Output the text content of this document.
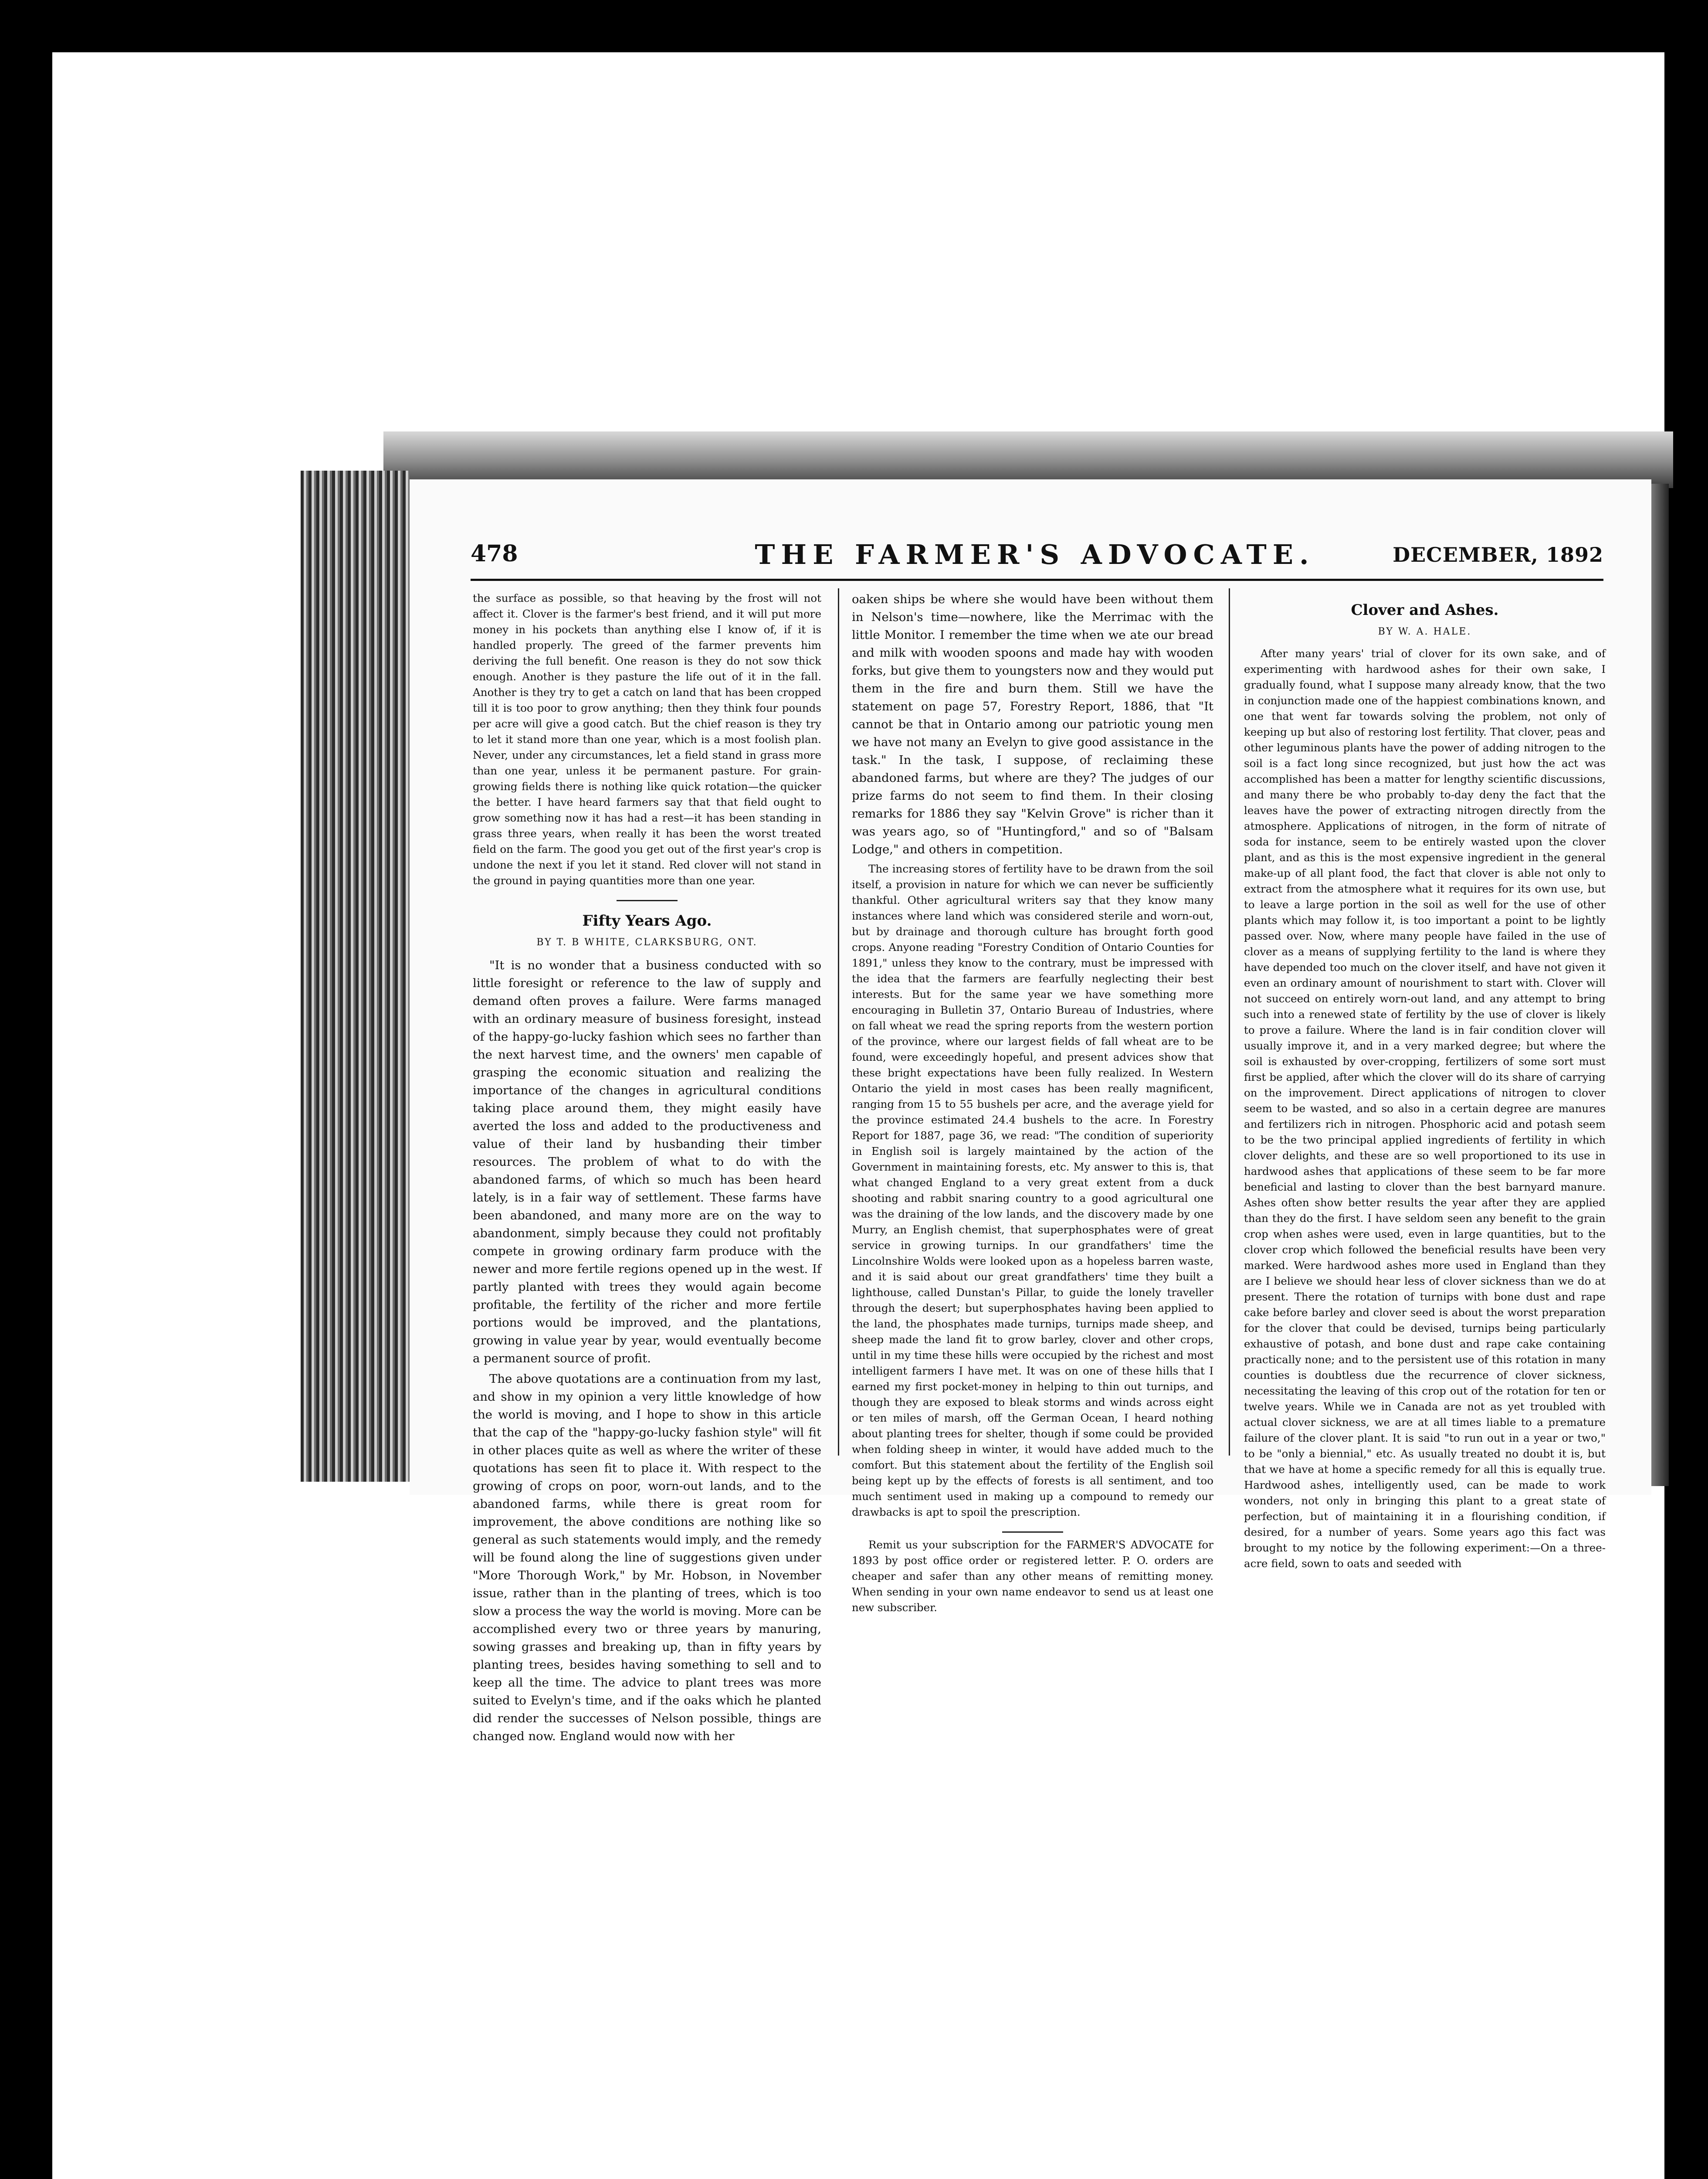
478	THE FARMER'S ADVOCATE.	DECEMBER, 1892

the surface as possible, so that heaving by the frost will not affect it. Clover is the farmer's best friend, and it will put more money in his pockets than anything else I know of, if it is handled properly. The greed of the farmer prevents him deriving the full benefit. One reason is they do not sow thick enough. Another is they pasture the life out of it in the fall. Another is they try to get a catch on land that has been cropped till it is too poor to grow anything; then they think four pounds per acre will give a good catch. But the chief reason is they try to let it stand more than one year, which is a most foolish plan. Never, under any circumstances, let a field stand in grass more than one year, unless it be permanent pasture. For grain-growing fields there is nothing like quick rotation—the quicker the better. I have heard farmers say that that field ought to grow something now it has had a rest—it has been standing in grass three years, when really it has been the worst treated field on the farm. The good you get out of the first year's crop is undone the next if you let it stand. Red clover will not stand in the ground in paying quantities more than one year.

Fifty Years Ago.
BY T. B WHITE, CLARKSBURG, ONT.

"It is no wonder that a business conducted with so little foresight or reference to the law of supply and demand often proves a failure. Were farms managed with an ordinary measure of business foresight, instead of the happy-go-lucky fashion which sees no farther than the next harvest time, and the owners' men capable of grasping the economic situation and realizing the importance of the changes in agricultural conditions taking place around them, they might easily have averted the loss and added to the productiveness and value of their land by husbanding their timber resources. The problem of what to do with the abandoned farms, of which so much has been heard lately, is in a fair way of settlement. These farms have been abandoned, and many more are on the way to abandonment, simply because they could not profitably compete in growing ordinary farm produce with the newer and more fertile regions opened up in the west. If partly planted with trees they would again become profitable, the fertility of the richer and more fertile portions would be improved, and the plantations, growing in value year by year, would eventually become a permanent source of profit.

The above quotations are a continuation from my last, and show in my opinion a very little knowledge of how the world is moving, and I hope to show in this article that the cap of the "happy-go-lucky fashion style" will fit in other places quite as well as where the writer of these quotations has seen fit to place it. With respect to the growing of crops on poor, worn-out lands, and to the abandoned farms, while there is great room for improvement, the above conditions are nothing like so general as such statements would imply, and the remedy will be found along the line of suggestions given under "More Thorough Work," by Mr. Hobson, in November issue, rather than in the planting of trees, which is too slow a process the way the world is moving. More can be accomplished every two or three years by manuring, sowing grasses and breaking up, than in fifty years by planting trees, besides having something to sell and to keep all the time. The advice to plant trees was more suited to Evelyn's time, and if the oaks which he planted did render the successes of Nelson possible, things are changed now. England would now with her

oaken ships be where she would have been without them in Nelson's time—nowhere, like the Merrimac with the little Monitor. I remember the time when we ate our bread and milk with wooden spoons and made hay with wooden forks, but give them to youngsters now and they would put them in the fire and burn them. Still we have the statement on page 57, Forestry Report, 1886, that "It cannot be that in Ontario among our patriotic young men we have not many an Evelyn to give good assistance in the task." In the task, I suppose, of reclaiming these abandoned farms, but where are they? The judges of our prize farms do not seem to find them. In their closing remarks for 1886 they say "Kelvin Grove" is richer than it was years ago, so of "Huntingford," and so of "Balsam Lodge," and others in competition.

The increasing stores of fertility have to be drawn from the soil itself, a provision in nature for which we can never be sufficiently thankful. Other agricultural writers say that they know many instances where land which was considered sterile and worn-out, but by drainage and thorough culture has brought forth good crops. Anyone reading "Forestry Condition of Ontario Counties for 1891," unless they know to the contrary, must be impressed with the idea that the farmers are fearfully neglecting their best interests. But for the same year we have something more encouraging in Bulletin 37, Ontario Bureau of Industries, where on fall wheat we read the spring reports from the western portion of the province, where our largest fields of fall wheat are to be found, were exceedingly hopeful, and present advices show that these bright expectations have been fully realized. In Western Ontario the yield in most cases has been really magnificent, ranging from 15 to 55 bushels per acre, and the average yield for the province estimated 24.4 bushels to the acre. In Forestry Report for 1887, page 36, we read: "The condition of superiority in English soil is largely maintained by the action of the Government in maintaining forests, etc. My answer to this is, that what changed England to a very great extent from a duck shooting and rabbit snaring country to a good agricultural one was the draining of the low lands, and the discovery made by one Murry, an English chemist, that superphosphates were of great service in growing turnips. In our grandfathers' time the Lincolnshire Wolds were looked upon as a hopeless barren waste, and it is said about our great grandfathers' time they built a lighthouse, called Dunstan's Pillar, to guide the lonely traveller through the desert; but superphosphates having been applied to the land, the phosphates made turnips, turnips made sheep, and sheep made the land fit to grow barley, clover and other crops, until in my time these hills were occupied by the richest and most intelligent farmers I have met. It was on one of these hills that I earned my first pocket-money in helping to thin out turnips, and though they are exposed to bleak storms and winds across eight or ten miles of marsh, off the German Ocean, I heard nothing about planting trees for shelter, though if some could be provided when folding sheep in winter, it would have added much to the comfort. But this statement about the fertility of the English soil being kept up by the effects of forests is all sentiment, and too much sentiment used in making up a compound to remedy our drawbacks is apt to spoil the prescription.

Remit us your subscription for the FARMER'S ADVOCATE for 1893 by post office order or registered letter. P. O. orders are cheaper and safer than any other means of remitting money. When sending in your own name endeavor to send us at least one new subscriber.

Clover and Ashes.
BY W. A. HALE.

After many years' trial of clover for its own sake, and of experimenting with hardwood ashes for their own sake, I gradually found, what I suppose many already know, that the two in conjunction made one of the happiest combinations known, and one that went far towards solving the problem, not only of keeping up but also of restoring lost fertility. That clover, peas and other leguminous plants have the power of adding nitrogen to the soil is a fact long since recognized, but just how the act was accomplished has been a matter for lengthy scientific discussions, and many there be who probably to-day deny the fact that the leaves have the power of extracting nitrogen directly from the atmosphere. Applications of nitrogen, in the form of nitrate of soda for instance, seem to be entirely wasted upon the clover plant, and as this is the most expensive ingredient in the general make-up of all plant food, the fact that clover is able not only to extract from the atmosphere what it requires for its own use, but to leave a large portion in the soil as well for the use of other plants which may follow it, is too important a point to be lightly passed over. Now, where many people have failed in the use of clover as a means of supplying fertility to the land is where they have depended too much on the clover itself, and have not given it even an ordinary amount of nourishment to start with. Clover will not succeed on entirely worn-out land, and any attempt to bring such into a renewed state of fertility by the use of clover is likely to prove a failure. Where the land is in fair condition clover will usually improve it, and in a very marked degree; but where the soil is exhausted by over-cropping, fertilizers of some sort must first be applied, after which the clover will do its share of carrying on the improvement. Direct applications of nitrogen to clover seem to be wasted, and so also in a certain degree are manures and fertilizers rich in nitrogen. Phosphoric acid and potash seem to be the two principal applied ingredients of fertility in which clover delights, and these are so well proportioned to its use in hardwood ashes that applications of these seem to be far more beneficial and lasting to clover than the best barnyard manure. Ashes often show better results the year after they are applied than they do the first. I have seldom seen any benefit to the grain crop when ashes were used, even in large quantities, but to the clover crop which followed the beneficial results have been very marked. Were hardwood ashes more used in England than they are I believe we should hear less of clover sickness than we do at present. There the rotation of turnips with bone dust and rape cake before barley and clover seed is about the worst preparation for the clover that could be devised, turnips being particularly exhaustive of potash, and bone dust and rape cake containing practically none; and to the persistent use of this rotation in many counties is doubtless due the recurrence of clover sickness, necessitating the leaving of this crop out of the rotation for ten or twelve years. While we in Canada are not as yet troubled with actual clover sickness, we are at all times liable to a premature failure of the clover plant. It is said "to run out in a year or two," to be "only a biennial," etc. As usually treated no doubt it is, but that we have at home a specific remedy for all this is equally true. Hardwood ashes, intelligently used, can be made to work wonders, not only in bringing this plant to a great state of perfection, but of maintaining it in a flourishing condition, if desired, for a number of years. Some years ago this fact was brought to my notice by the following experiment:—On a three-acre field, sown to oats and seeded with
